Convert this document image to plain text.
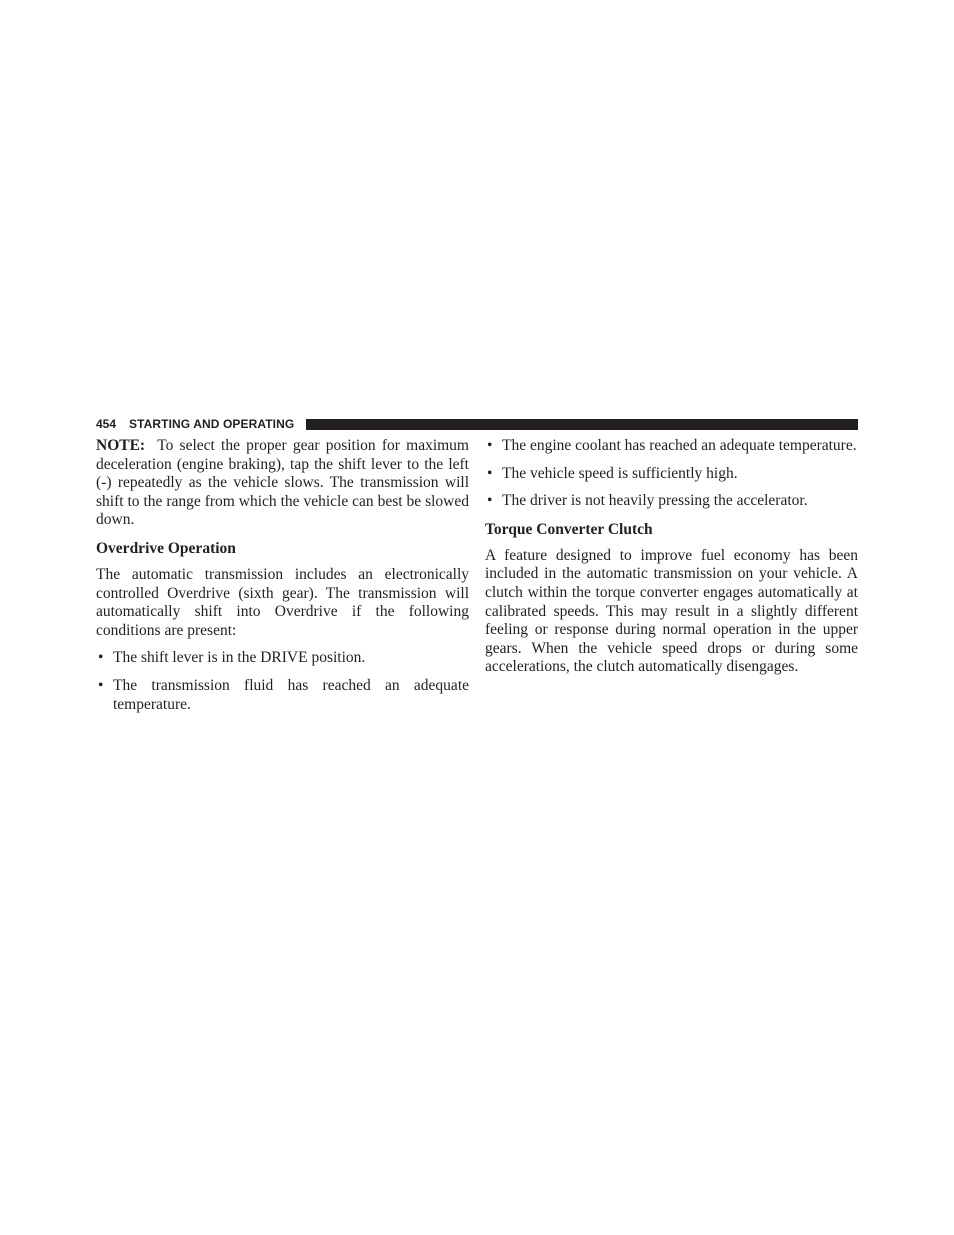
454 STARTING AND OPERATING

NOTE: To select the proper gear position for maximum deceleration (engine braking), tap the shift lever to the left (-) repeatedly as the vehicle slows. The transmission will shift to the range from which the vehicle can best be slowed down.

Overdrive Operation

The automatic transmission includes an electronically controlled Overdrive (sixth gear). The transmission will automatically shift into Overdrive if the following conditions are present:

• The shift lever is in the DRIVE position.
• The transmission fluid has reached an adequate temperature.
• The engine coolant has reached an adequate temperature.
• The vehicle speed is sufficiently high.
• The driver is not heavily pressing the accelerator.
Torque Converter Clutch

A feature designed to improve fuel economy has been included in the automatic transmission on your vehicle. A clutch within the torque converter engages automatically at calibrated speeds. This may result in a slightly different feeling or response during normal operation in the upper gears. When the vehicle speed drops or during some accelerations, the clutch automatically disengages.
